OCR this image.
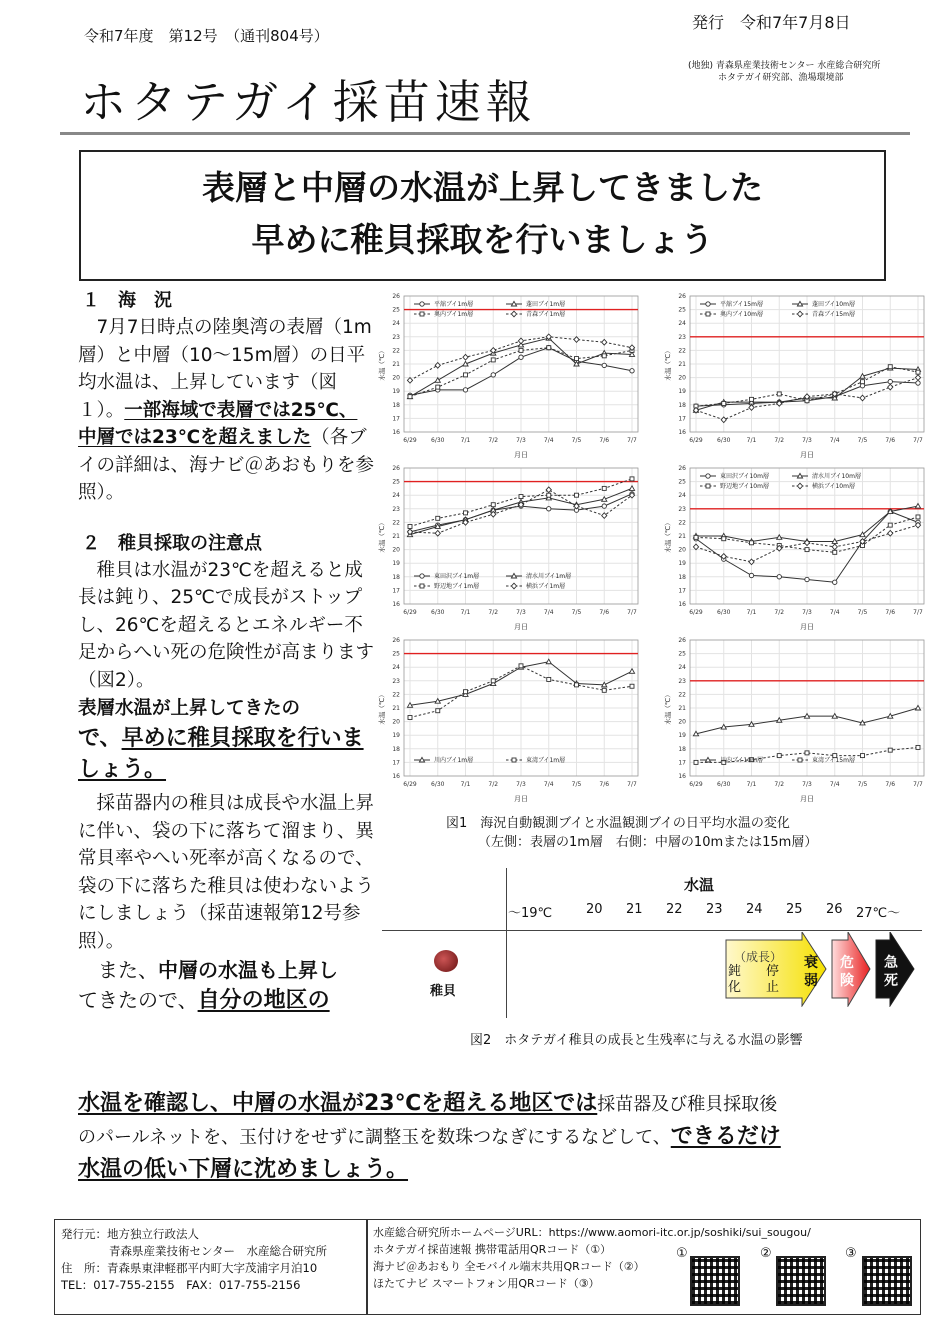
令和7年度　第12号　（通刊804号）
発行　令和7年7月8日
ホタテガイ採苗速報
(地独) 青森県産業技術センター 水産総合研究所
ホタテガイ研究部、漁場環境部
表層と中層の水温が上昇してきました
早めに稚貝採取を行いましょう
１　海　況
　7月7日時点の陸奥湾の表層（1m層）と中層（10～15m層）の日平均水温は、上昇しています（図１）。一部海域で表層では25℃、中層では23℃を超えました（各ブイの詳細は、海ナビ＠あおもりを参照）。
２　稚貝採取の注意点
　稚貝は水温が23℃を超えると成長は鈍り、25℃で成長がストップし、26℃を超えるとエネルギー不足からへい死の危険性が高まります（図2）。
表層水温が上昇してきたの
で、早めに稚貝採取を行いましょう。
　採苗器内の稚貝は成長や水温上昇に伴い、袋の下に落ちて溜まり、異常貝率やへい死率が高くなるので、袋の下に落ちた稚貝は使わないようにしましょう（採苗速報第12号参照）。
　また、中層の水温も上昇し
てきたので、自分の地区の
水温を確認し、中層の水温が23℃を超える地区では採苗器及び稚貝採取後
のパールネットを、玉付けをせずに調整玉を数珠つなぎにするなどして、できるだけ
水温の低い下層に沈めましょう。
16
17
18
19
20
21
22
23
24
25
26
6/29 6/30	7/1	7/2	7/3	7/4	7/5	7/6	7/7
月日
水温（℃）
平舘ブイ1m層	蓬田ブイ1m層
奥内ブイ1m層	青森ブイ1m層
16
17
18
19
20
21
22
23
24
25
26
6/29 6/30	7/1	7/2	7/3	7/4	7/5	7/6	7/7
月日
水温（℃）
平舘ブイ15m層	蓬田ブイ10m層
奥内ブイ10m層	青森ブイ15m層
16
17
18
19
20
21
22
23
24
25
26
6/29 6/30	7/1	7/2	7/3	7/4	7/5	7/6	7/7
月日
水温（℃）
東田沢ブイ1m層	清水川ブイ1m層
野辺地ブイ1m層	横浜ブイ1m層
16
17
18
19
20
21
22
23
24
25
26
6/29 6/30	7/1	7/2	7/3	7/4	7/5	7/6	7/7
月日
水温（℃）
東田沢ブイ10m層	清水川ブイ10m層
野辺地ブイ10m層	横浜ブイ10m層
16
17
18
19
20
21
22
23
24
25
26
6/29 6/30	7/1	7/2	7/3	7/4	7/5	7/6	7/7
月日
水温（℃）
川内ブイ1m層	東湾ブイ1m層
16
17
18
19
20
21
22
23
24
25
26
6/29 6/30	7/1	7/2	7/3	7/4	7/5	7/6	7/7
月日
水温（℃）
川内ブイ10m層	東湾ブイ15m層
図1　海況自動観測ブイと水温観測ブイの日平均水温の変化
（左側：表層の1m層　右側：中層の10mまたは15m層）
水温
～19℃	20 21 22 23 24 25 26 27℃～
稚貝
（成長）
鈍化
停止
衰弱
危険
急死
図2　ホタテガイ稚貝の成長と生残率に与える水温の影響
発行元：地方独立行政法人
青森県産業技術センター　水産総合研究所
住　所：青森県東津軽郡平内町大字茂浦字月泊10
TEL：017-755-2155　FAX：017-755-2156
水産総合研究所ホームページURL：https://www.aomori-itc.or.jp/soshiki/sui_sougou/
ホタテガイ採苗速報 携帯電話用QRコード（①）
海ナビ＠あおもり 全モバイル端末共用QRコード（②）
ほたてナビ スマートフォン用QRコード（③）
①	②	③
